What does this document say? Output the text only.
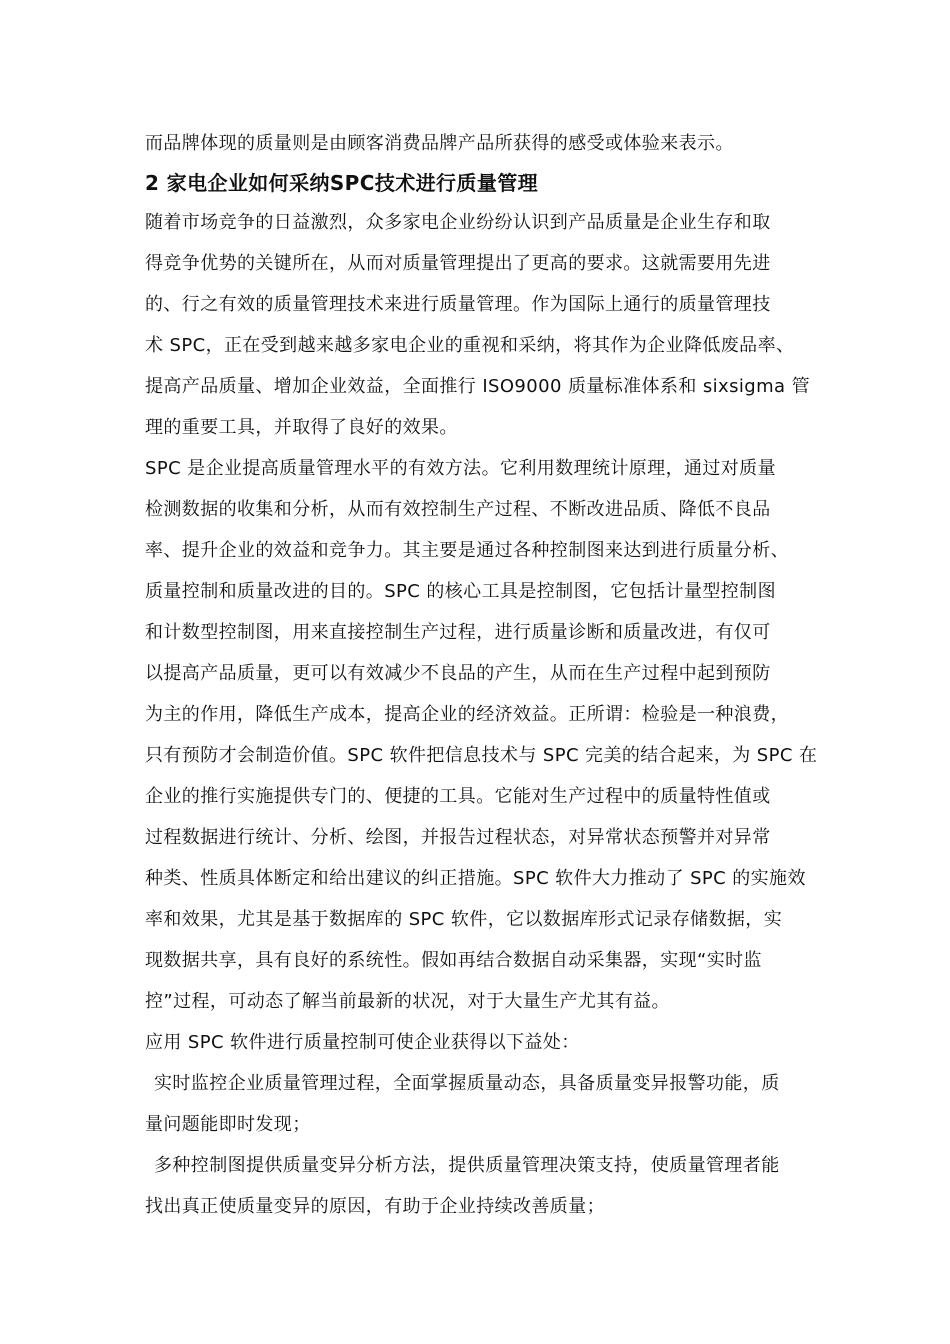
而品牌体现的质量则是由顾客消费品牌产品所获得的感受或体验来表示。
2 家电企业如何采纳SPC技术进行质量管理
随着市场竞争的日益激烈，众多家电企业纷纷认识到产品质量是企业生存和取
得竞争优势的关键所在，从而对质量管理提出了更高的要求。这就需要用先进
的、行之有效的质量管理技术来进行质量管理。作为国际上通行的质量管理技
术 SPC，正在受到越来越多家电企业的重视和采纳，将其作为企业降低废品率、
提高产品质量、增加企业效益，全面推行 ISO9000 质量标准体系和 sixsigma 管
理的重要工具，并取得了良好的效果。
SPC 是企业提高质量管理水平的有效方法。它利用数理统计原理，通过对质量
检测数据的收集和分析，从而有效控制生产过程、不断改进品质、降低不良品
率、提升企业的效益和竞争力。其主要是通过各种控制图来达到进行质量分析、
质量控制和质量改进的目的。SPC 的核心工具是控制图，它包括计量型控制图
和计数型控制图，用来直接控制生产过程，进行质量诊断和质量改进，有仅可
以提高产品质量，更可以有效减少不良品的产生，从而在生产过程中起到预防
为主的作用，降低生产成本，提高企业的经济效益。正所谓：检验是一种浪费，
只有预防才会制造价值。SPC 软件把信息技术与 SPC 完美的结合起来，为 SPC 在
企业的推行实施提供专门的、便捷的工具。它能对生产过程中的质量特性值或
过程数据进行统计、分析、绘图，并报告过程状态，对异常状态预警并对异常
种类、性质具体断定和给出建议的纠正措施。SPC 软件大力推动了 SPC 的实施效
率和效果，尤其是基于数据库的 SPC 软件，它以数据库形式记录存储数据，实
现数据共享，具有良好的系统性。假如再结合数据自动采集器，实现“实时监
控”过程，可动态了解当前最新的状况，对于大量生产尤其有益。
应用 SPC 软件进行质量控制可使企业获得以下益处：
实时监控企业质量管理过程，全面掌握质量动态，具备质量变异报警功能，质
量问题能即时发现；
多种控制图提供质量变异分析方法，提供质量管理决策支持，使质量管理者能
找出真正使质量变异的原因，有助于企业持续改善质量；
